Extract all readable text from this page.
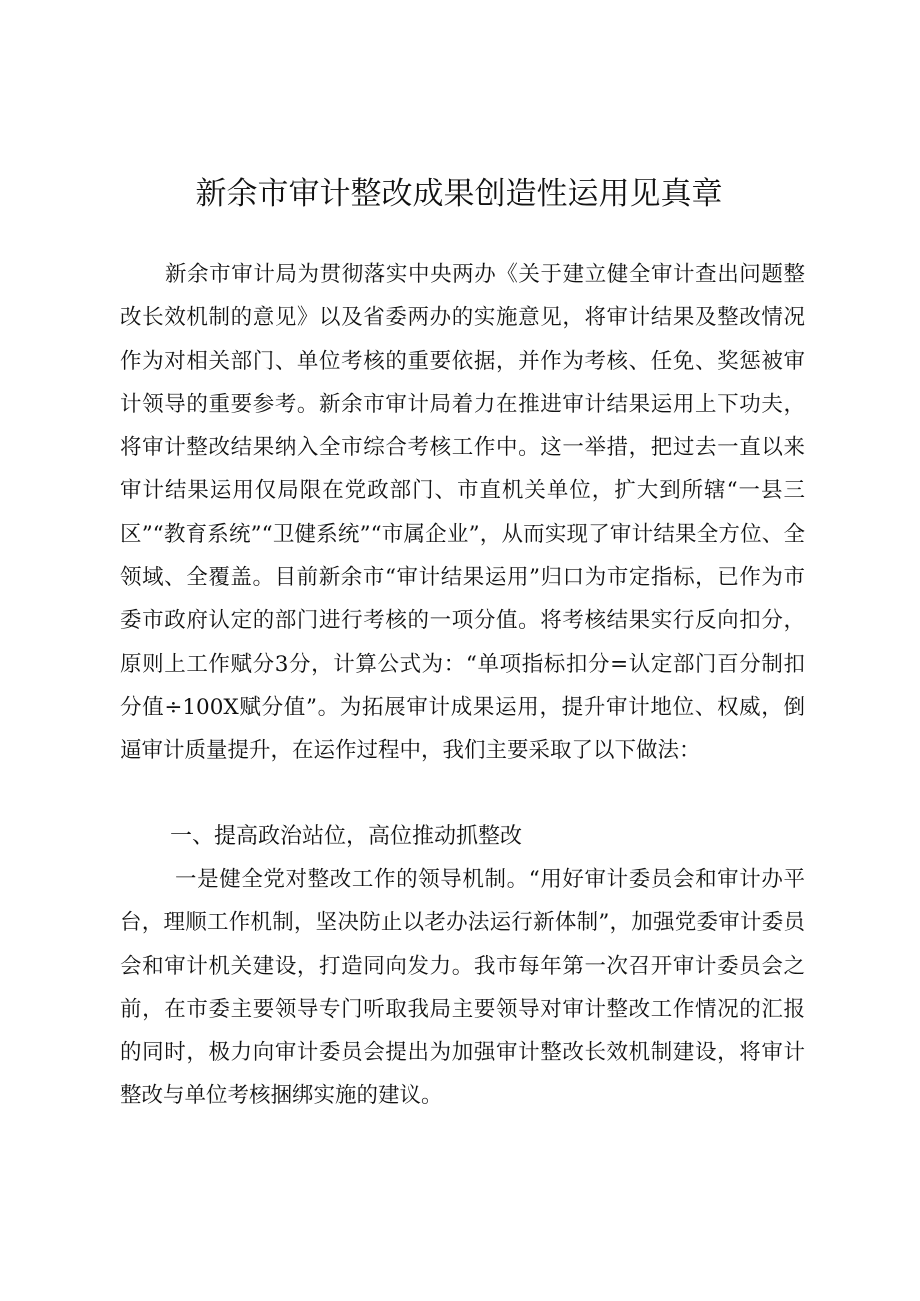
新余市审计整改成果创造性运用见真章

新余市审计局为贯彻落实中央两办《关于建立健全审计查出问题整改长效机制的意见》以及省委两办的实施意见，将审计结果及整改情况作为对相关部门、单位考核的重要依据，并作为考核、任免、奖惩被审计领导的重要参考。新余市审计局着力在推进审计结果运用上下功夫，将审计整改结果纳入全市综合考核工作中。这一举措，把过去一直以来审计结果运用仅局限在党政部门、市直机关单位，扩大到所辖“一县三区”“教育系统”“卫健系统”“市属企业”，从而实现了审计结果全方位、全领域、全覆盖。目前新余市“审计结果运用”归口为市定指标，已作为市委市政府认定的部门进行考核的一项分值。将考核结果实行反向扣分，原则上工作赋分3分，计算公式为：“单项指标扣分=认定部门百分制扣分值÷100X赋分值”。为拓展审计成果运用，提升审计地位、权威，倒逼审计质量提升，在运作过程中，我们主要采取了以下做法：

一、提高政治站位，高位推动抓整改

一是健全党对整改工作的领导机制。“用好审计委员会和审计办平台，理顺工作机制，坚决防止以老办法运行新体制”，加强党委审计委员会和审计机关建设，打造同向发力。我市每年第一次召开审计委员会之前，在市委主要领导专门听取我局主要领导对审计整改工作情况的汇报的同时，极力向审计委员会提出为加强审计整改长效机制建设，将审计整改与单位考核捆绑实施的建议。
